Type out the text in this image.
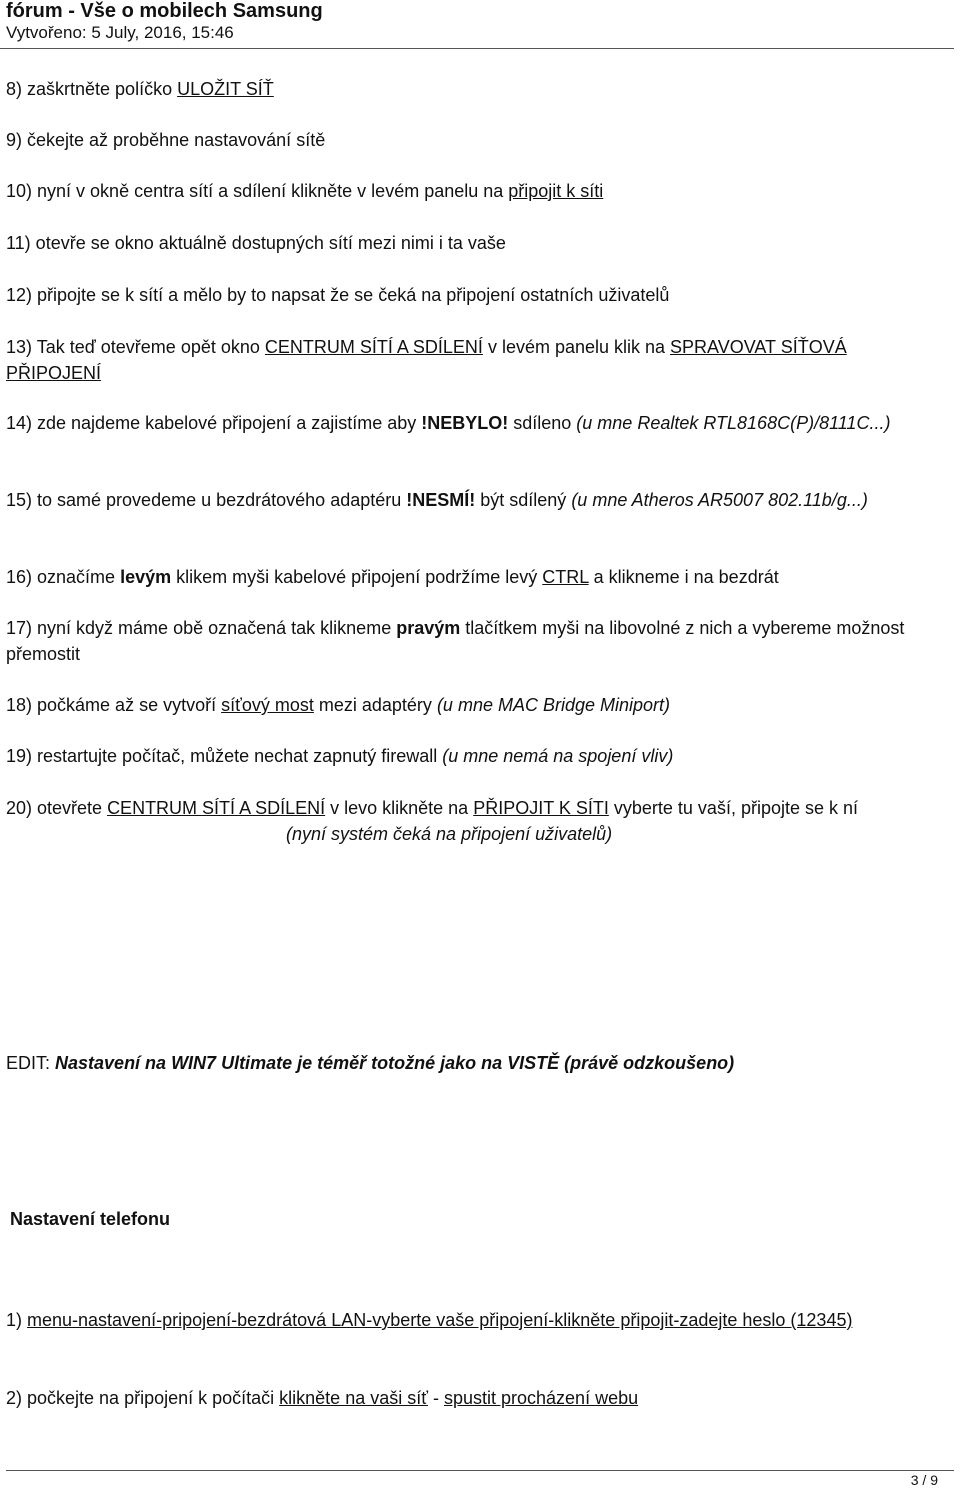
fórum - Vše o mobilech Samsung
Vytvořeno: 5 July, 2016, 15:46

8) zaškrtněte políčko ULOŽIT SÍŤ

9) čekejte až proběhne nastavování sítě

10) nyní v okně centra sítí a sdílení klikněte v levém panelu na připojit k síti

11) otevře se okno aktuálně dostupných sítí mezi nimi i ta vaše

12) připojte se k sítí a mělo by to napsat že se čeká na připojení ostatních uživatelů

13) Tak teď otevřeme opět okno CENTRUM SÍTÍ A SDÍLENÍ v levém panelu klik na SPRAVOVAT SÍŤOVÁ PŘIPOJENÍ

14) zde najdeme kabelové připojení a zajistíme aby !NEBYLO! sdíleno (u mne Realtek RTL8168C(P)/8111C...)

15) to samé provedeme u bezdrátového adaptéru !NESMÍ! být sdílený (u mne Atheros AR5007 802.11b/g...)

16) označíme levým klikem myši kabelové připojení podržíme levý CTRL a klikneme i na bezdrát

17) nyní když máme obě označená tak klikneme pravým tlačítkem myši na libovolné z nich a vybereme možnost přemostit

18) počkáme až se vytvoří síťový most mezi adaptéry (u mne MAC Bridge Miniport)

19) restartujte počítač, můžete nechat zapnutý firewall (u mne nemá na spojení vliv)

20) otevřete CENTRUM SÍTÍ A SDÍLENÍ v levo klikněte na PŘIPOJIT K SÍTI vyberte tu vaší, připojte se k ní(nyní systém čeká na připojení uživatelů)

EDIT: Nastavení na WIN7 Ultimate je téměř totožné jako na VISTĚ (právě odzkoušeno)

Nastavení telefonu

1) menu-nastavení-pripojení-bezdrátová LAN-vyberte vaše připojení-klikněte připojit-zadejte heslo (12345)

2) počkejte na připojení k počítači klikněte na vaši síť - spustit procházení webu

3 / 9
